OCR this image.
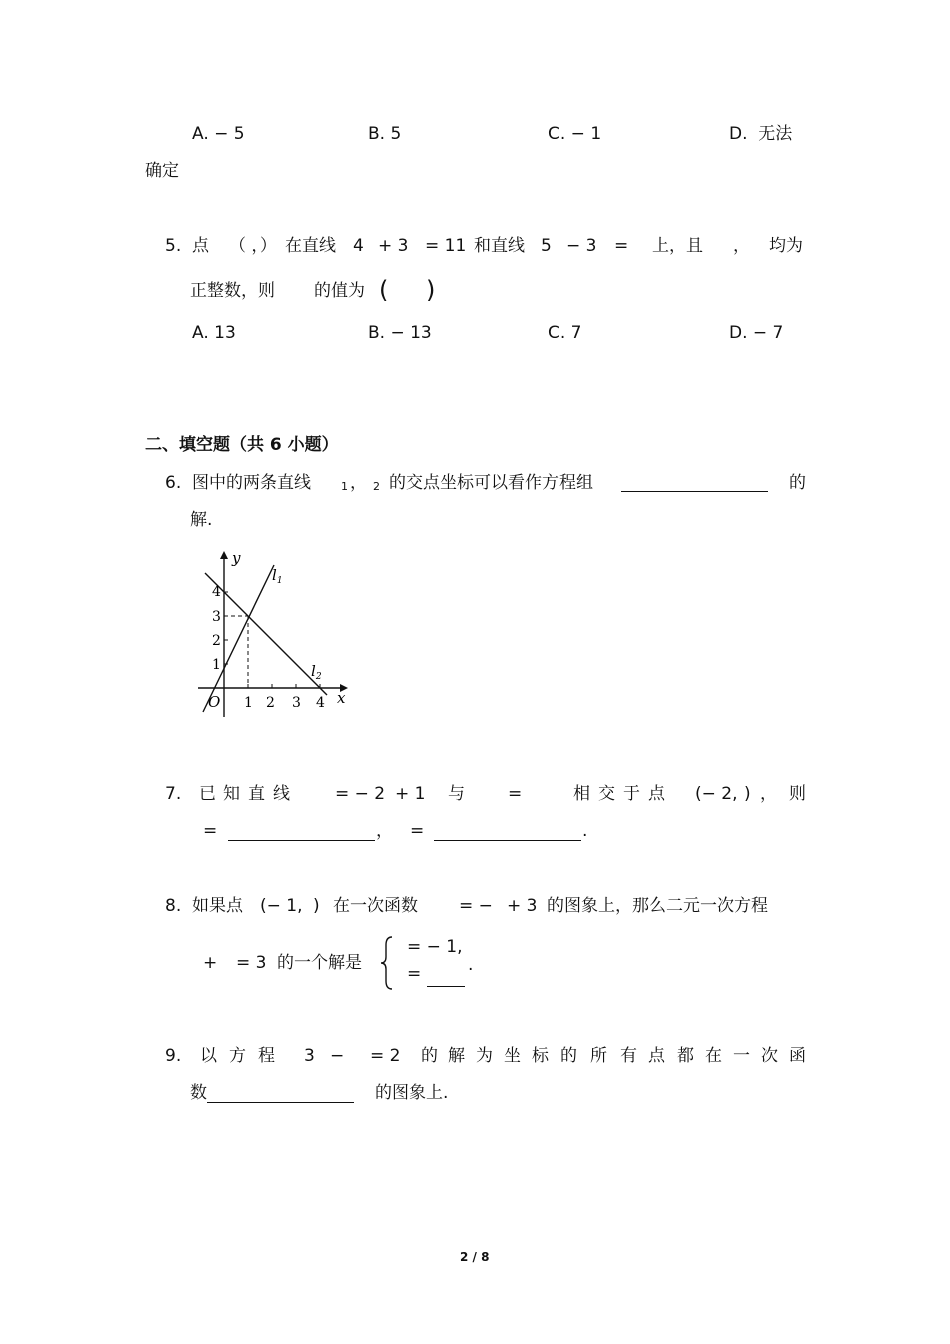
A. − 5	B. 5	C. − 1	D.  无法
确定
5. 点 （ ，） 在直线 4 + 3 = 11 和直线 5 − 3 = 上，且 ， 均为
正整数，则 的值为 ( )
A. 13	B. − 13	C. 7	D. − 7
二、填空题（共 6 小题）
6. 图中的两条直线	1 ， 2 的交点坐标可以看作方程组	的
解.
y
x
O
$l_1$
$l_2$
1 2 3 4
1
2
3
4
7. 已 知 直 线	= − 2 + 1 与	=	相 交 于 点 (− 2, ) ， 则
=	， =	.
8. 如果点 (− 1, ) 在一次函数 = − + 3 的图象上，那么二元一次方程
+ = 3 的一个解是
= − 1,
=	.
9. 以 方 程 3 − = 2 的 解 为 坐 标 的 所 有 点 都 在 一 次 函
数	的图象上.
2 / 8
